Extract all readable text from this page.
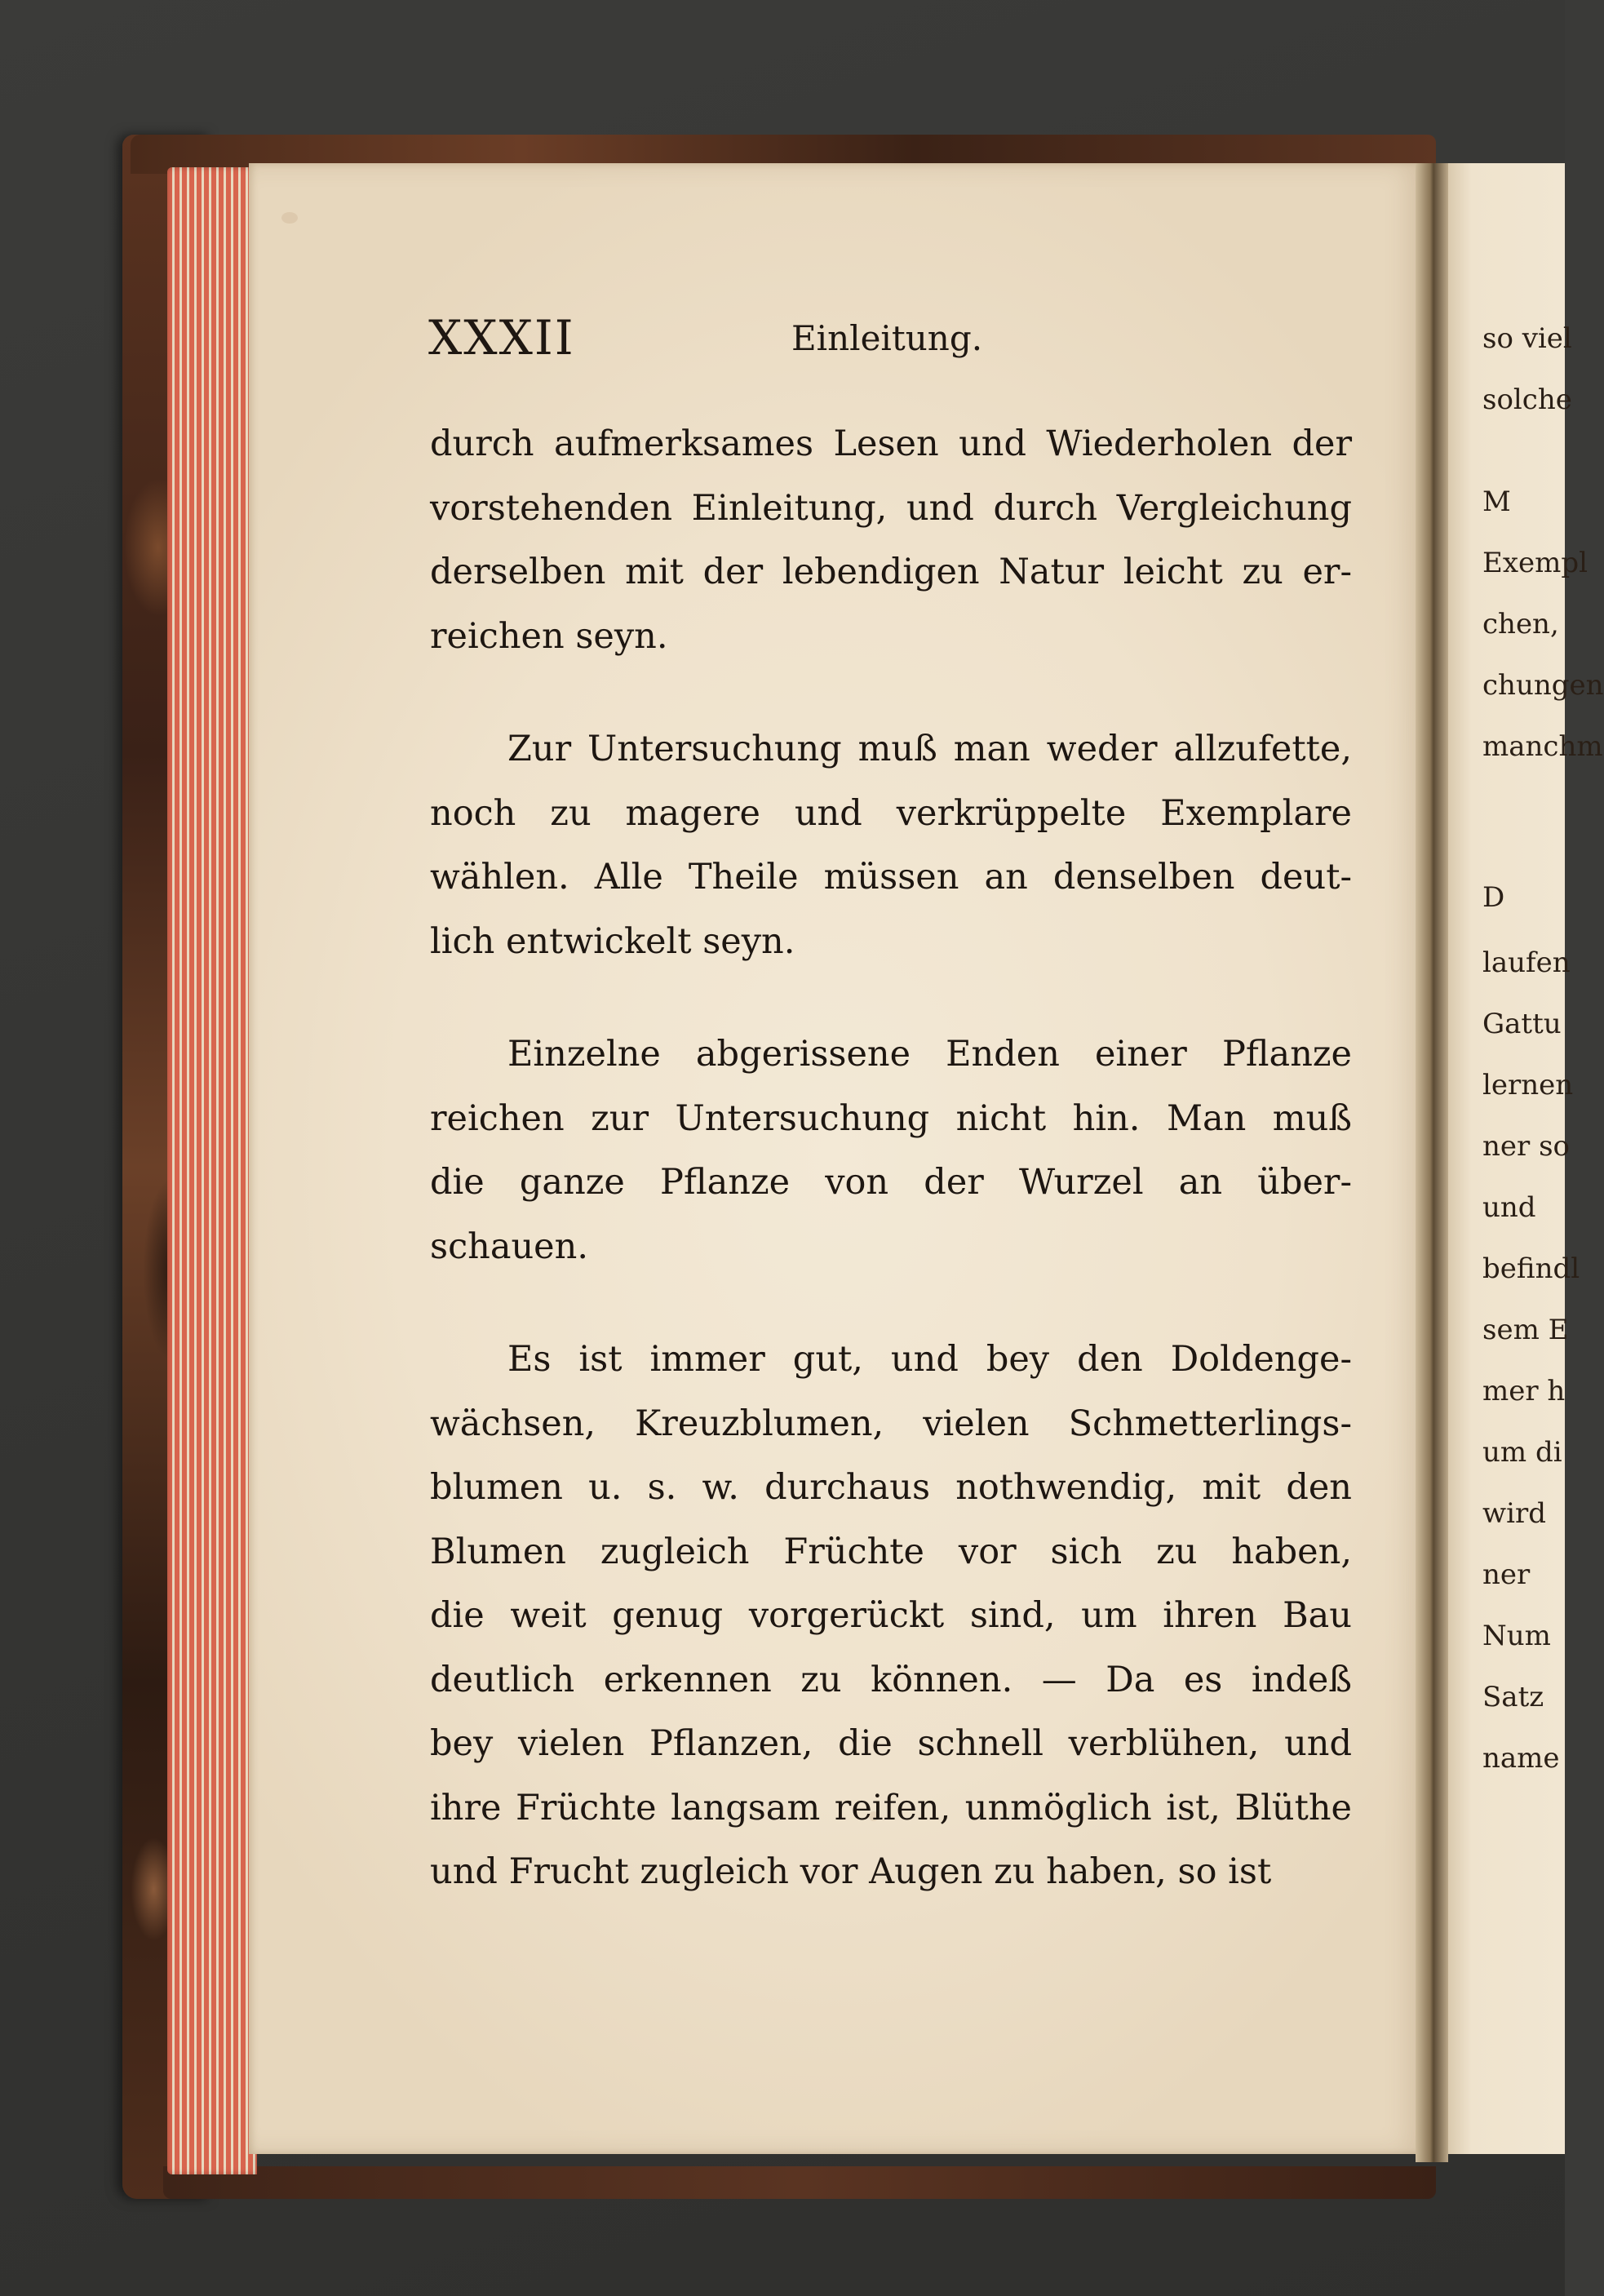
XXXII	Einleitung.
durch aufmerksames Lesen und Wiederholen der
vorstehenden Einleitung, und durch Vergleichung
derselben mit der lebendigen Natur leicht zu er-
reichen seyn.
Zur Untersuchung muß man weder allzufette,
noch zu magere und verkrüppelte Exemplare
wählen. Alle Theile müssen an denselben deut-
lich entwickelt seyn.
Einzelne abgerissene Enden einer Pflanze
reichen zur Untersuchung nicht hin. Man muß
die ganze Pflanze von der Wurzel an über-
schauen.
Es ist immer gut, und bey den Doldenge-
wächsen, Kreuzblumen, vielen Schmetterlings-
blumen u. s. w. durchaus nothwendig, mit den
Blumen zugleich Früchte vor sich zu haben,
die weit genug vorgerückt sind, um ihren Bau
deutlich erkennen zu können. — Da es indeß
bey vielen Pflanzen, die schnell verblühen, und
ihre Früchte langsam reifen, unmöglich ist, Blüthe
und Frucht zugleich vor Augen zu haben, so ist
so viel
solche
M
Exempl
chen,
chungen
manchm
D
laufen
Gattu
lernen
ner so
und
befindl
sem E
mer h
um di
wird
ner
Num
Satz
name
